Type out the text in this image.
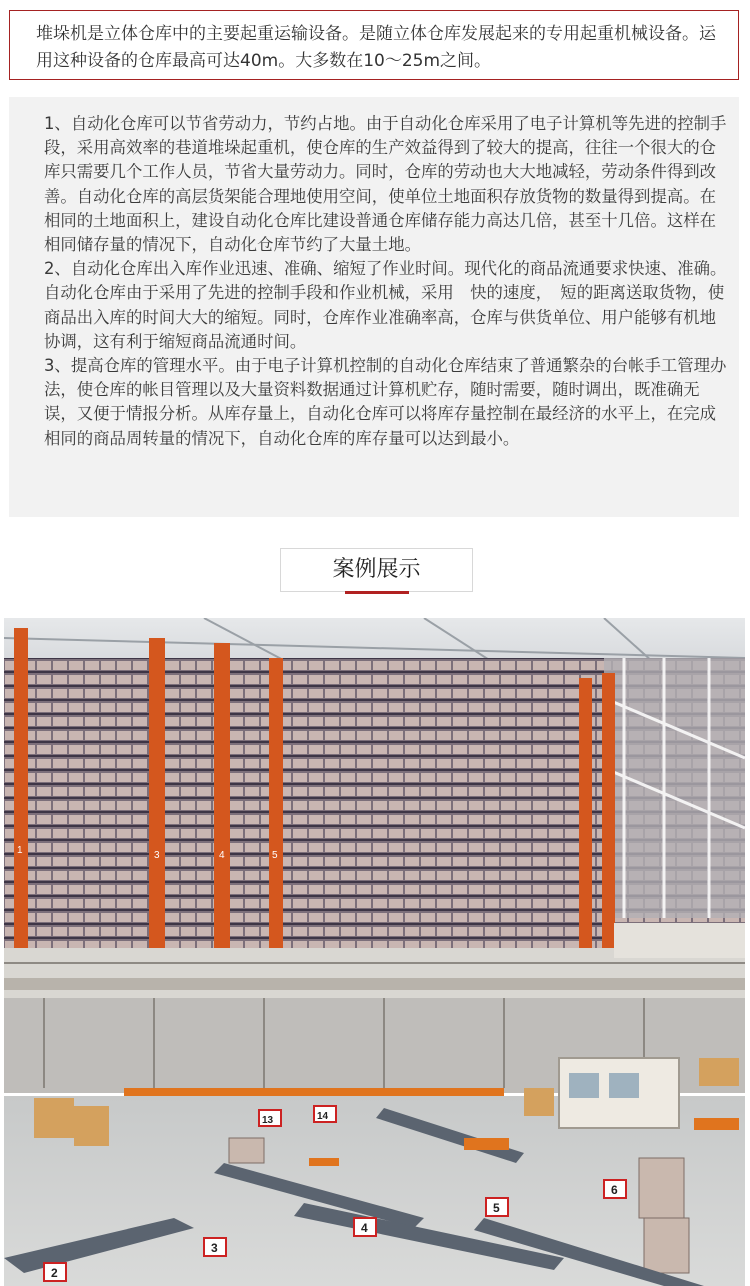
堆垛机是立体仓库中的主要起重运输设备。是随立体仓库发展起来的专用起重机械设备。运用这种设备的仓库最高可达40m。大多数在10～25m之间。

1、自动化仓库可以节省劳动力，节约占地。由于自动化仓库采用了电子计算机等先进的控制手段，采用高效率的巷道堆垛起重机，使仓库的生产效益得到了较大的提高，往往一个很大的仓库只需要几个工作人员，节省大量劳动力。同时，仓库的劳动也大大地减轻，劳动条件得到改善。自动化仓库的高层货架能合理地使用空间，使单位土地面积存放货物的数量得到提高。在相同的土地面积上，建设自动化仓库比建设普通仓库储存能力高达几倍，甚至十几倍。这样在相同储存量的情况下，自动化仓库节约了大量土地。

2、自动化仓库出入库作业迅速、准确、缩短了作业时间。现代化的商品流通要求快速、准确。自动化仓库由于采用了先进的控制手段和作业机械，采用　快的速度，　短的距离送取货物，使商品出入库的时间大大的缩短。同时，仓库作业准确率高，仓库与供货单位、用户能够有机地协调，这有利于缩短商品流通时间。

3、提高仓库的管理水平。由于电子计算机控制的自动化仓库结束了普通繁杂的台帐手工管理办法，使仓库的帐目管理以及大量资料数据通过计算机贮存，随时需要，随时调出，既准确无误，又便于情报分析。从库存量上，自动化仓库可以将库存量控制在最经济的水平上，在完成相同的商品周转量的情况下，自动化仓库的库存量可以达到最小。

案例展示
1	3	4	5
2
3
4
5
6
13	14
